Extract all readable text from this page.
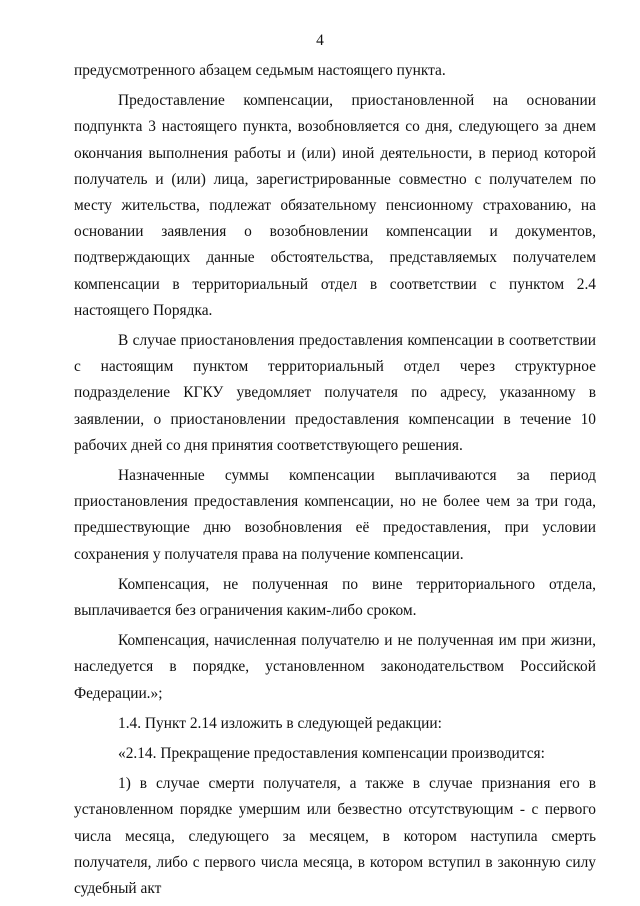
4

предусмотренного абзацем седьмым настоящего пункта.

Предоставление компенсации, приостановленной на основании подпункта 3 настоящего пункта, возобновляется со дня, следующего за днем окончания выполнения работы и (или) иной деятельности, в период которой получатель и (или) лица, зарегистрированные совместно с получателем по месту жительства, подлежат обязательному пенсионному страхованию, на основании заявления о возобновлении компенсации и документов, подтверждающих данные обстоятельства, представляемых получателем компенсации в территориальный отдел в соответствии с пунктом 2.4 настоящего Порядка.

В случае приостановления предоставления компенсации в соответствии с настоящим пунктом территориальный отдел через структурное подразделение КГКУ уведомляет получателя по адресу, указанному в заявлении, о приостановлении предоставления компенсации в течение 10 рабочих дней со дня принятия соответствующего решения.

Назначенные суммы компенсации выплачиваются за период приостановления предоставления компенсации, но не более чем за три года, предшествующие дню возобновления её предоставления, при условии сохранения у получателя права на получение компенсации.

Компенсация, не полученная по вине территориального отдела, выплачивается без ограничения каким-либо сроком.

Компенсация, начисленная получателю и не полученная им при жизни, наследуется в порядке, установленном законодательством Российской Федерации.»;

1.4. Пункт 2.14 изложить в следующей редакции:

«2.14. Прекращение предоставления компенсации производится:

1) в случае смерти получателя, а также в случае признания его в установленном порядке умершим или безвестно отсутствующим - с первого числа месяца, следующего за месяцем, в котором наступила смерть получателя, либо с первого числа месяца, в котором вступил в законную силу судебный акт
